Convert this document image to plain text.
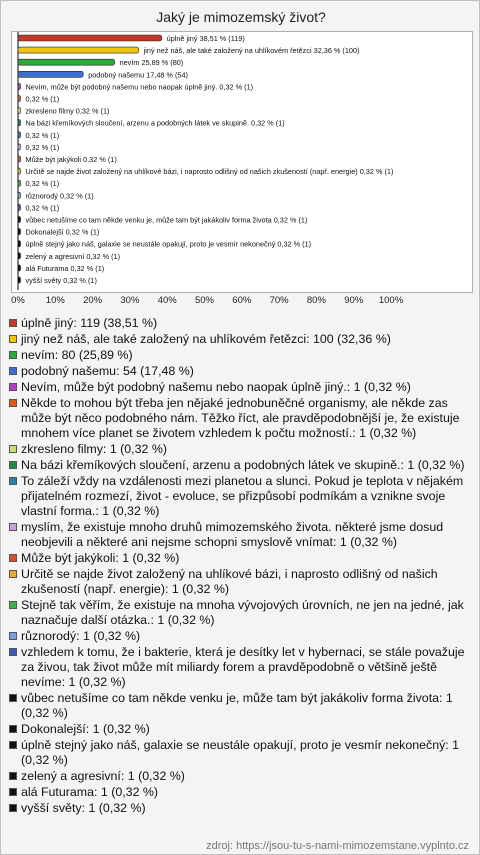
Jaký je mimozemský život?
úplně jiný 38,51 % (119)
jiný než náš, ale také založený na uhlíkovém řetězci 32,36 % (100)
nevím 25,89 % (80)
podobný našemu 17,48 % (54)
Nevím, může být podobný našemu nebo naopak úplně jiný. 0,32 % (1)
0,32 % (1)
zkresleno filmy 0,32 % (1)
Na bázi křemíkových sloučení, arzenu a podobných látek ve skupině. 0,32 % (1)
0,32 % (1)
0,32 % (1)
Může být jakýkoli 0,32 % (1)
Určitě se najde život založený na uhlíkové bázi, i naprosto odlišný od našich zkušeností (např. energie) 0,32 % (1)
0,32 % (1)
různorodý 0,32 % (1)
0,32 % (1)
vůbec netušíme co tam někde venku je, může tam být jakákoliv forma života 0,32 % (1)
Dokonalejší 0,32 % (1)
úplně stejný jako náš, galaxie se neustále opakují, proto je vesmír nekonečný 0,32 % (1)
zelený a agresivní 0,32 % (1)
alá Futurama 0,32 % (1)
vyšší světy 0,32 % (1)
0% 10% 20% 30% 40% 50% 60% 70% 80% 90% 100%
úplně jiný: 119 (38,51 %)
jiný než náš, ale také založený na uhlíkovém řetězci: 100 (32,36 %)
nevím: 80 (25,89 %)
podobný našemu: 54 (17,48 %)
Nevím, může být podobný našemu nebo naopak úplně jiný.: 1 (0,32 %)
Někde to mohou být třeba jen nějaké jednobuněčné organismy, ale někde zas může být něco podobného nám. Těžko říct, ale pravděpodobnější je, že existuje mnohem více planet se životem vzhledem k počtu možností.: 1 (0,32 %)
zkresleno filmy: 1 (0,32 %)
Na bázi křemíkových sloučení, arzenu a podobných látek ve skupině.: 1 (0,32 %)
To záleží vždy na vzdálenosti mezi planetou a slunci. Pokud je teplota v nějakém přijatelném rozmezí, život - evoluce, se přizpůsobí podmíkám a vznikne svoje vlastní forma.: 1 (0,32 %)
myslím, že existuje mnoho druhů mimozemského života. některé jsme dosud neobjevili a některé ani nejsme schopni smyslově vnímat: 1 (0,32 %)
Může být jakýkoli: 1 (0,32 %)
Určitě se najde život založený na uhlíkové bázi, i naprosto odlišný od našich zkušeností (např. energie): 1 (0,32 %)
Stejně tak věřím, že existuje na mnoha vývojových úrovních, ne jen na jedné, jak naznačuje další otázka.: 1 (0,32 %)
různorodý: 1 (0,32 %)
vzhledem k tomu, že i bakterie, která je desítky let v hybernaci, se stále považuje za živou, tak život může mít miliardy forem a pravděpodobně o většině ještě nevíme: 1 (0,32 %)
vůbec netušíme co tam někde venku je, může tam být jakákoliv forma života: 1 (0,32 %)
Dokonalejší: 1 (0,32 %)
úplně stejný jako náš, galaxie se neustále opakují, proto je vesmír nekonečný: 1 (0,32 %)
zelený a agresivní: 1 (0,32 %)
alá Futurama: 1 (0,32 %)
vyšší světy: 1 (0,32 %)
zdroj: https://jsou-tu-s-nami-mimozemstane.vyplnto.cz
